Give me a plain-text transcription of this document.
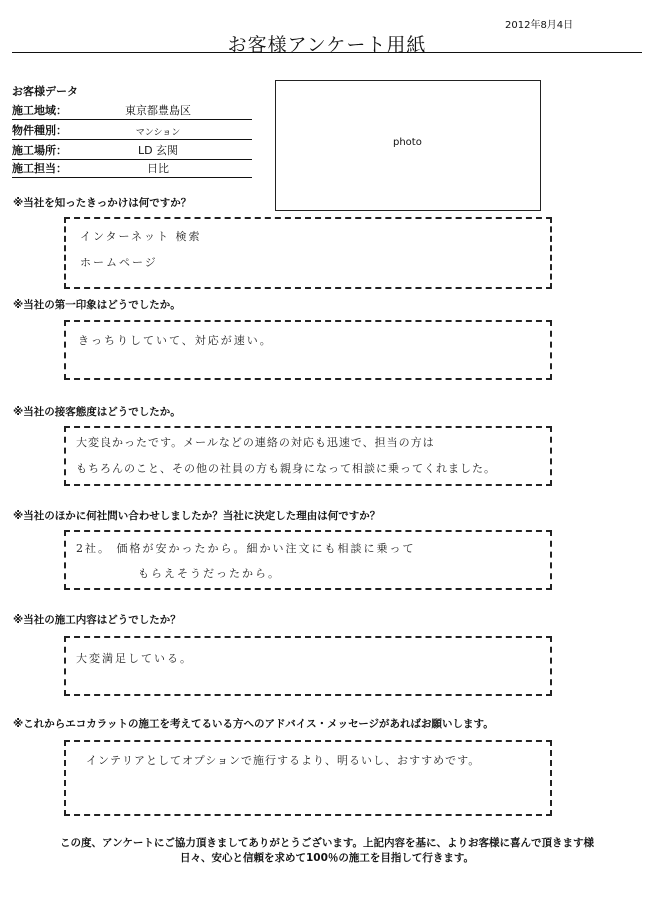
2012年8月4日
お客様アンケート用紙
お客様データ
施工地域：	東京都豊島区
物件種別：	マンション
施工場所：	LD 玄関
施工担当：	日比
photo
※当社を知ったきっかけは何ですか？
インターネット 検索
ホームページ
※当社の第一印象はどうでしたか。
きっちりしていて、対応が速い。
※当社の接客態度はどうでしたか。
大変良かったです。メールなどの連絡の対応も迅速で、担当の方は
もちろんのこと、その他の社員の方も親身になって相談に乗ってくれました。
※当社のほかに何社問い合わせしましたか？当社に決定した理由は何ですか？
2社。 価格が安かったから。細かい注文にも相談に乗って
もらえそうだったから。
※当社の施工内容はどうでしたか？
大変満足している。
※これからエコカラットの施工を考えてるいる方へのアドバイス・メッセージがあればお願いします。
インテリアとしてオプションで施行するより、明るいし、おすすめです。
この度、アンケートにご協力頂きましてありがとうございます。上記内容を基に、よりお客様に喜んで頂きます様
日々、安心と信頼を求めて100％の施工を目指して行きます。
